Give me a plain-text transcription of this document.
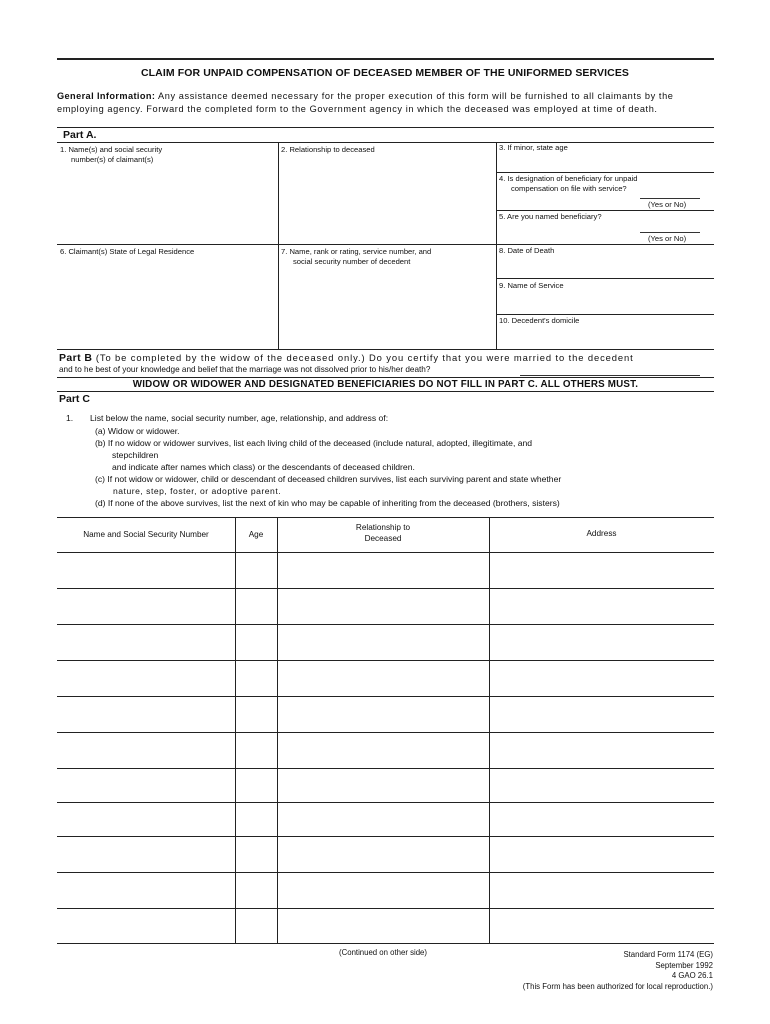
CLAIM FOR UNPAID COMPENSATION OF DECEASED MEMBER OF THE UNIFORMED SERVICES
General Information: Any assistance deemed necessary for the proper execution of this form will be furnished to all claimants by the employing agency. Forward the completed form to the Government agency in which the deceased was employed at time of death.
Part A.
1. Name(s) and social security
number(s) of claimant(s)
2. Relationship to deceased	3. If minor, state age
4. Is designation of beneficiary for unpaid
compensation on file with service?
(Yes or No)
5. Are you named beneficiary?
(Yes or No)
6. Claimant(s) State of Legal Residence	7. Name, rank or rating, service number, and
social security number of decedent
8. Date of Death
9. Name of Service
10. Decedent's domicile
Part B (To be completed by the widow of the deceased only.) Do you certify that you were married to the decedent
and to he best of your knowledge and belief that the marriage was not dissolved prior to his/her death?
WIDOW OR WIDOWER AND DESIGNATED BENEFICIARIES DO NOT FILL IN PART C. ALL OTHERS MUST.
Part C
1. List below the name, social security number, age, relationship, and address of:
(a) Widow or widower.
(b) If no widow or widower survives, list each living child of the deceased (include natural, adopted, illegitimate, and
stepchildren
and indicate after names which class) or the descendants of deceased children.
(c) If not widow or widower, child or descendant of deceased children survives, list each surviving parent and state whether
nature, step, foster, or adoptive parent.
(d) If none of the above survives, list the next of kin who may be capable of inheriting from the deceased (brothers, sisters)
Name and Social Security Number	Age
Relationship to
Deceased
Address
(Continued on other side)	Standard Form 1174 (EG)
September 1992
4 GAO 26.1
(This Form has been authorized for local reproduction.)
